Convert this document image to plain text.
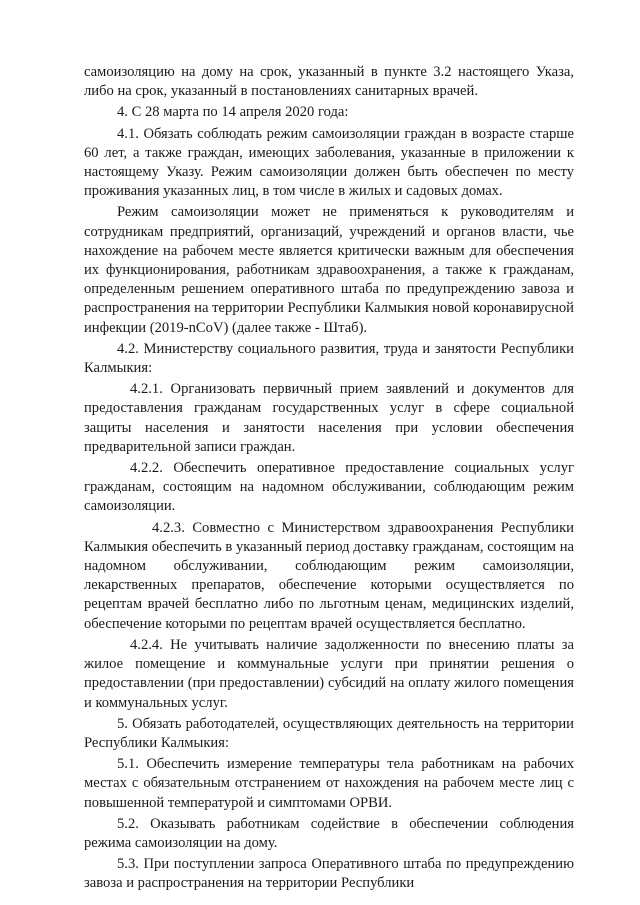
самоизоляцию на дому на срок, указанный в пункте 3.2 настоящего Указа, либо на срок, указанный в постановлениях санитарных врачей.

4. С 28 марта по 14 апреля 2020 года:

4.1. Обязать соблюдать режим самоизоляции граждан в возрасте старше 60 лет, а также граждан, имеющих заболевания, указанные в приложении к настоящему Указу. Режим самоизоляции должен быть обеспечен по месту проживания указанных лиц, в том числе в жилых и садовых домах.

Режим самоизоляции может не применяться к руководителям и сотрудникам предприятий, организаций, учреждений и органов власти, чье нахождение на рабочем месте является критически важным для обеспечения их функционирования, работникам здравоохранения, а также к гражданам, определенным решением оперативного штаба по предупреждению завоза и распространения на территории Республики Калмыкия новой коронавирусной инфекции (2019-nCoV) (далее также - Штаб).

4.2. Министерству социального развития, труда и занятости Республики Калмыкия:

4.2.1. Организовать первичный прием заявлений и документов для предоставления гражданам государственных услуг в сфере социальной защиты населения и занятости населения при условии обеспечения предварительной записи граждан.

4.2.2. Обеспечить оперативное предоставление социальных услуг гражданам, состоящим на надомном обслуживании, соблюдающим режим самоизоляции.

4.2.3. Совместно с Министерством здравоохранения Республики Калмыкия обеспечить в указанный период доставку гражданам, состоящим на надомном обслуживании, соблюдающим режим самоизоляции, лекарственных препаратов, обеспечение которыми осуществляется по рецептам врачей бесплатно либо по льготным ценам, медицинских изделий, обеспечение которыми по рецептам врачей осуществляется бесплатно.

4.2.4. Не учитывать наличие задолженности по внесению платы за жилое помещение и коммунальные услуги при принятии решения о предоставлении (при предоставлении) субсидий на оплату жилого помещения и коммунальных услуг.

5. Обязать работодателей, осуществляющих деятельность на территории Республики Калмыкия:

5.1. Обеспечить измерение температуры тела работникам на рабочих местах с обязательным отстранением от нахождения на рабочем месте лиц с повышенной температурой и симптомами ОРВИ.

5.2. Оказывать работникам содействие в обеспечении соблюдения режима самоизоляции на дому.

5.3. При поступлении запроса Оперативного штаба по предупреждению завоза и распространения на территории Республики
